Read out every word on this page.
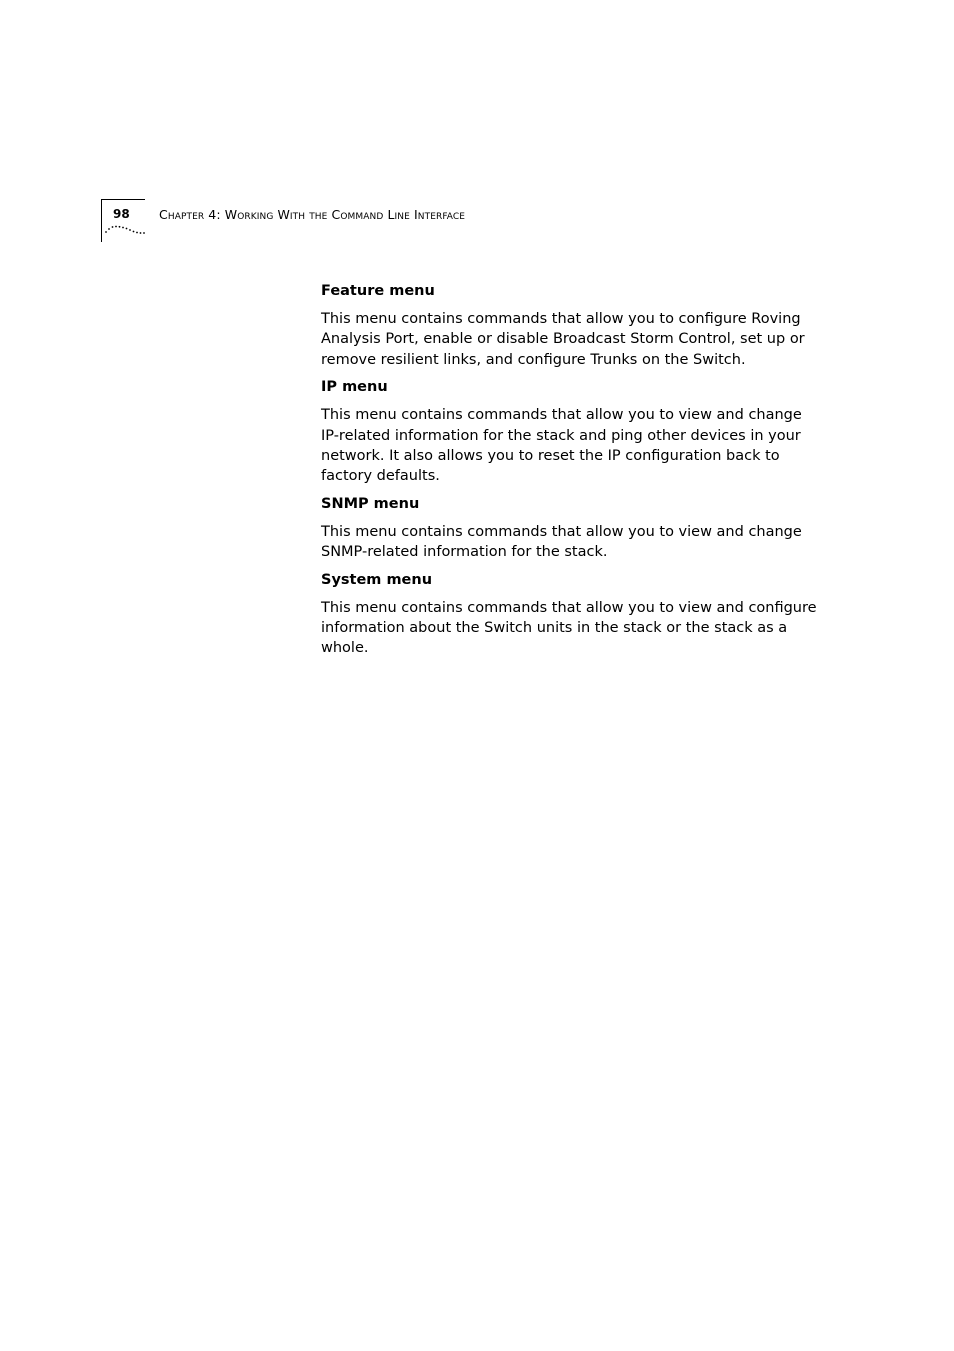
98 Chapter 4: Working With the Command Line Interface
Feature menu

This menu contains commands that allow you to configure Roving Analysis Port, enable or disable Broadcast Storm Control, set up or remove resilient links, and configure Trunks on the Switch.

IP menu

This menu contains commands that allow you to view and change IP-related information for the stack and ping other devices in your network. It also allows you to reset the IP configuration back to factory defaults.

SNMP menu

This menu contains commands that allow you to view and change SNMP-related information for the stack.

System menu

This menu contains commands that allow you to view and configure information about the Switch units in the stack or the stack as a whole.
